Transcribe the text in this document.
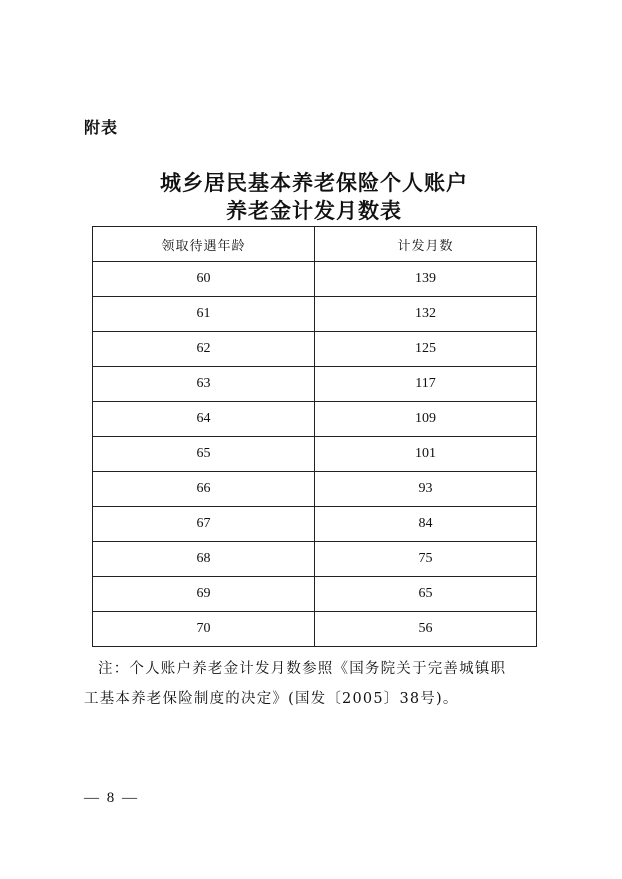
附表
城乡居民基本养老保险个人账户
养老金计发月数表
领取待遇年龄	计发月数
60	139
61	132
62	125
63	117
64	109
65	101
66	93
67	84
68	75
69	65
70	56
注：个人账户养老金计发月数参照《国务院关于完善城镇职
工基本养老保险制度的决定》(国发〔2005〕38号)。
— 8 —
